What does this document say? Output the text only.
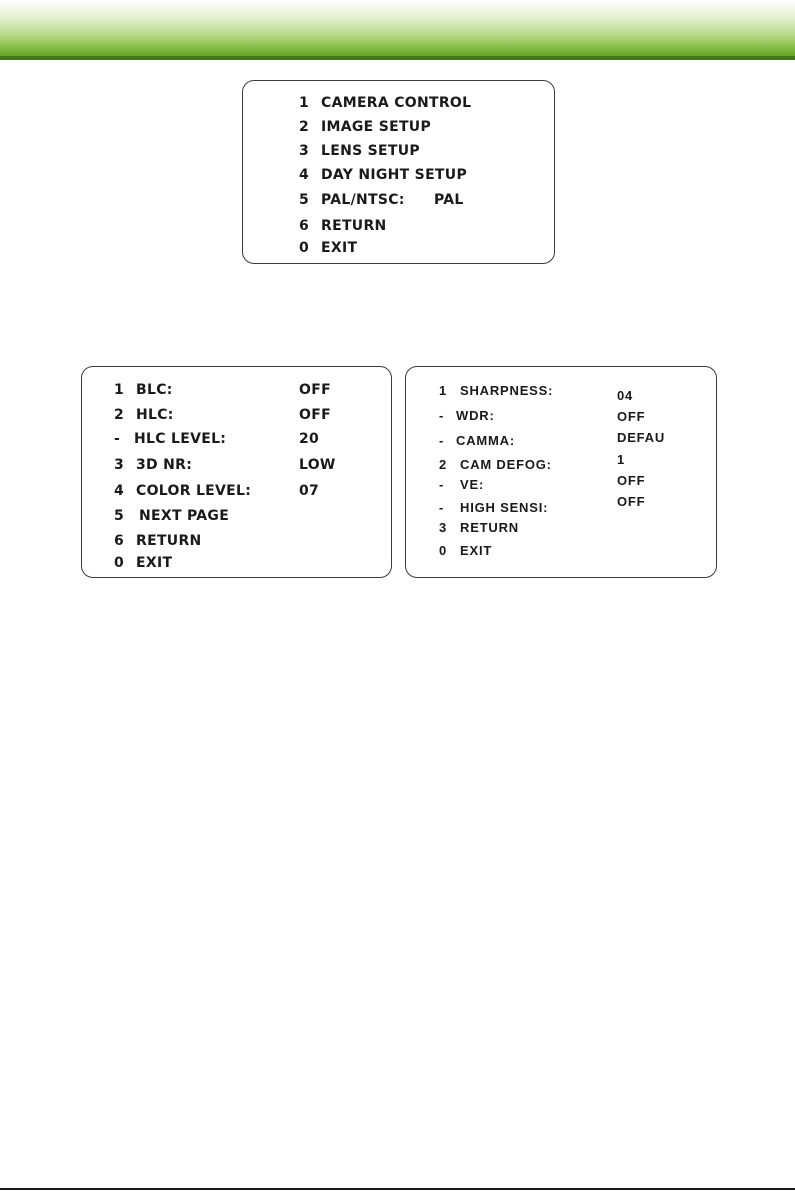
1 CAMERA CONTROL
2 IMAGE SETUP
3 LENS SETUP
4 DAY NIGHT SETUP
5 PAL/NTSC: PAL
6 RETURN
0 EXIT
1 BLC:	OFF
2 HLC:	OFF
- HLC LEVEL:	20
3 3D NR:	LOW
4 COLOR LEVEL:	07
5 NEXT PAGE
6 RETURN
0 EXIT
1 SHARPNESS:	04
- WDR:	OFF
- CAMMA:	DEFAU
2 CAM DEFOG:	1
- VE:	OFF
- HIGH SENSI:	OFF
3 RETURN
0 EXIT
